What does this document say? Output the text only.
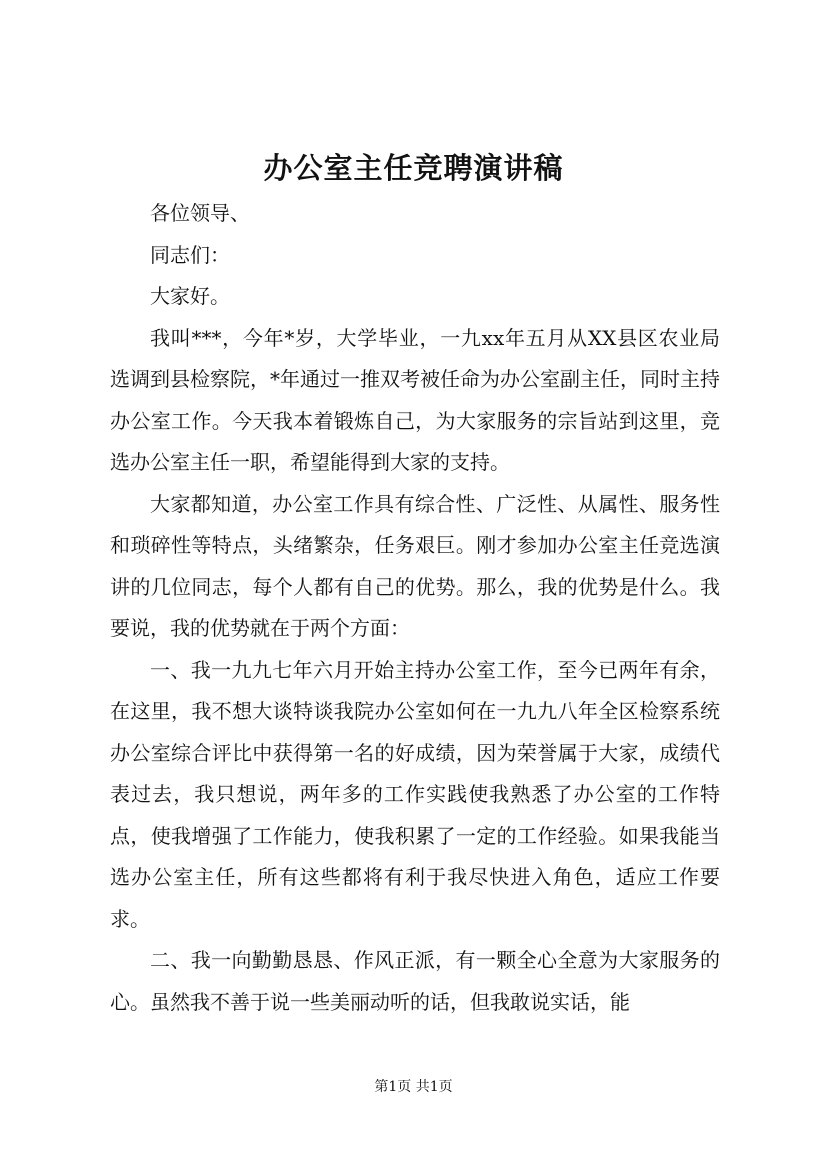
办公室主任竞聘演讲稿

各位领导、

同志们：

大家好。

我叫***，今年*岁，大学毕业，一九xx年五月从XX县区农业局选调到县检察院，*年通过一推双考被任命为办公室副主任，同时主持办公室工作。今天我本着锻炼自己，为大家服务的宗旨站到这里，竞选办公室主任一职，希望能得到大家的支持。

大家都知道，办公室工作具有综合性、广泛性、从属性、服务性和琐碎性等特点，头绪繁杂，任务艰巨。刚才参加办公室主任竞选演讲的几位同志，每个人都有自己的优势。那么，我的优势是什么。我要说，我的优势就在于两个方面：

一、我一九九七年六月开始主持办公室工作，至今已两年有余，在这里，我不想大谈特谈我院办公室如何在一九九八年全区检察系统办公室综合评比中获得第一名的好成绩，因为荣誉属于大家，成绩代表过去，我只想说，两年多的工作实践使我熟悉了办公室的工作特点，使我增强了工作能力，使我积累了一定的工作经验。如果我能当选办公室主任，所有这些都将有利于我尽快进入角色，适应工作要求。

二、我一向勤勤恳恳、作风正派，有一颗全心全意为大家服务的心。虽然我不善于说一些美丽动听的话，但我敢说实话，能

第1页 共1页
